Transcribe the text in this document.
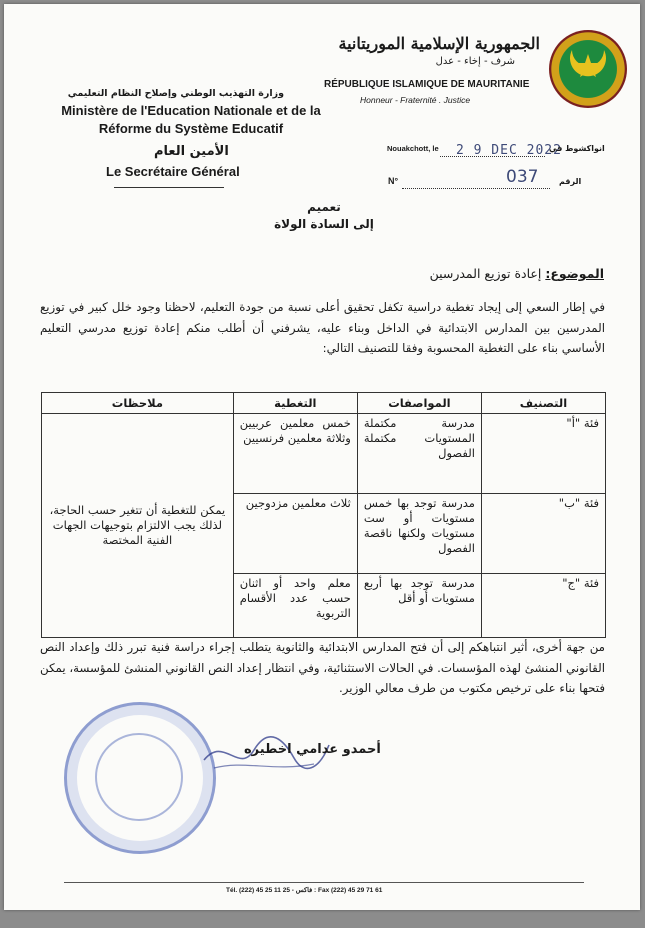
الجمهورية الإسلامية الموريتانية
شرف - إخاء - عدل
RÉPUBLIQUE ISLAMIQUE DE MAURITANIE
Honneur - Fraternité . Justice
وزارة التهذيب الوطني وإصلاح النظام التعليمي
Ministère de l'Education Nationale et de la Réforme du Système Educatif
الأمين العام
Le Secrétaire Général
Nouakchott, le 2 9 DEC 2022
انواكشوط في
N°	037	الرقم
تعميم
إلى السادة الولاة
الموضوع: إعادة توزيع المدرسين
في إطار السعي إلى إيجاد تغطية دراسية تكفل تحقيق أعلى نسبة من جودة التعليم، لاحظنا وجود خلل كبير في توزيع المدرسين بين المدارس الابتدائية في الداخل وبناء عليه، يشرفني أن أطلب منكم إعادة توزيع مدرسي التعليم الأساسي بناء على التغطية المحسوبة وفقا للتصنيف التالي:
التصنيف	المواصفات	التغطية	ملاحظات
فئة "أ"	مدرسة مكتملة المستويات مكتملة الفصول	خمس معلمين عربيين وثلاثة معلمين فرنسيين	يمكن للتغطية أن تتغير حسب الحاجة، لذلك يجب الالتزام بتوجيهات الجهات الفنية المختصة
فئة "ب"	مدرسة توجد بها خمس مستويات أو ست مستويات ولكنها ناقصة الفصول	ثلاث معلمين مزدوجين	
فئة "ج"	مدرسة توجد بها أربع مستويات أو أقل	معلم واحد أو اثنان حسب عدد الأقسام التربوية	
من جهة أخرى، أثير انتباهكم إلى أن فتح المدارس الابتدائية والثانوية يتطلب إجراء دراسة فنية تبرر ذلك وإعداد النص القانوني المنشئ لهذه المؤسسات. في الحالات الاستثنائية، وفي انتظار إعداد النص القانوني المنشئ للمؤسسة، يمكن فتحها بناء على ترخيص مكتوب من طرف معالي الوزير.
أحمدو عدامي اخطيره
Tél. (222) 45 25 11 25 - فاكس : Fax (222) 45 29 71 61
